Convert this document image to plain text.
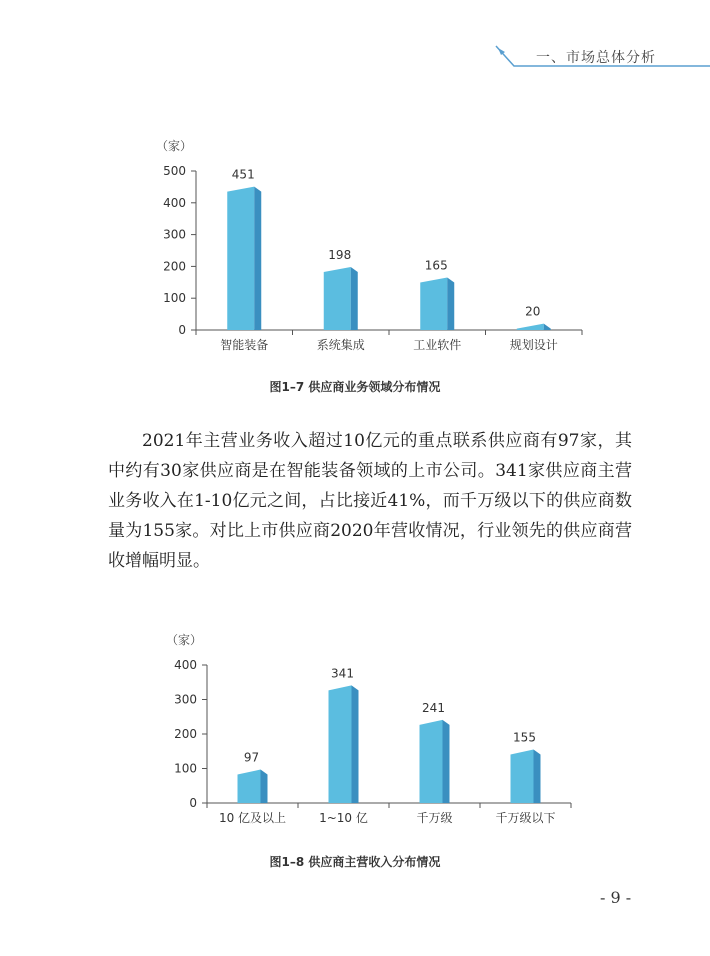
一、市场总体分析
（家）
0
100
200
300
400
500	451
智能装备
198
系统集成
165
工业软件
20
规划设计
图1–7 供应商业务领域分布情况

2021年主营业务收入超过10亿元的重点联系供应商有97家，其中约有30家供应商是在智能装备领域的上市公司。341家供应商主营业务收入在1-10亿元之间，占比接近41%，而千万级以下的供应商数量为155家。对比上市供应商2020年营收情况，行业领先的供应商营收增幅明显。

（家）
0
100
200
300
400
97
10 亿及以上
341
1~10 亿
241
千万级
155
千万级以下
图1–8 供应商主营收入分布情况
- 9 -
